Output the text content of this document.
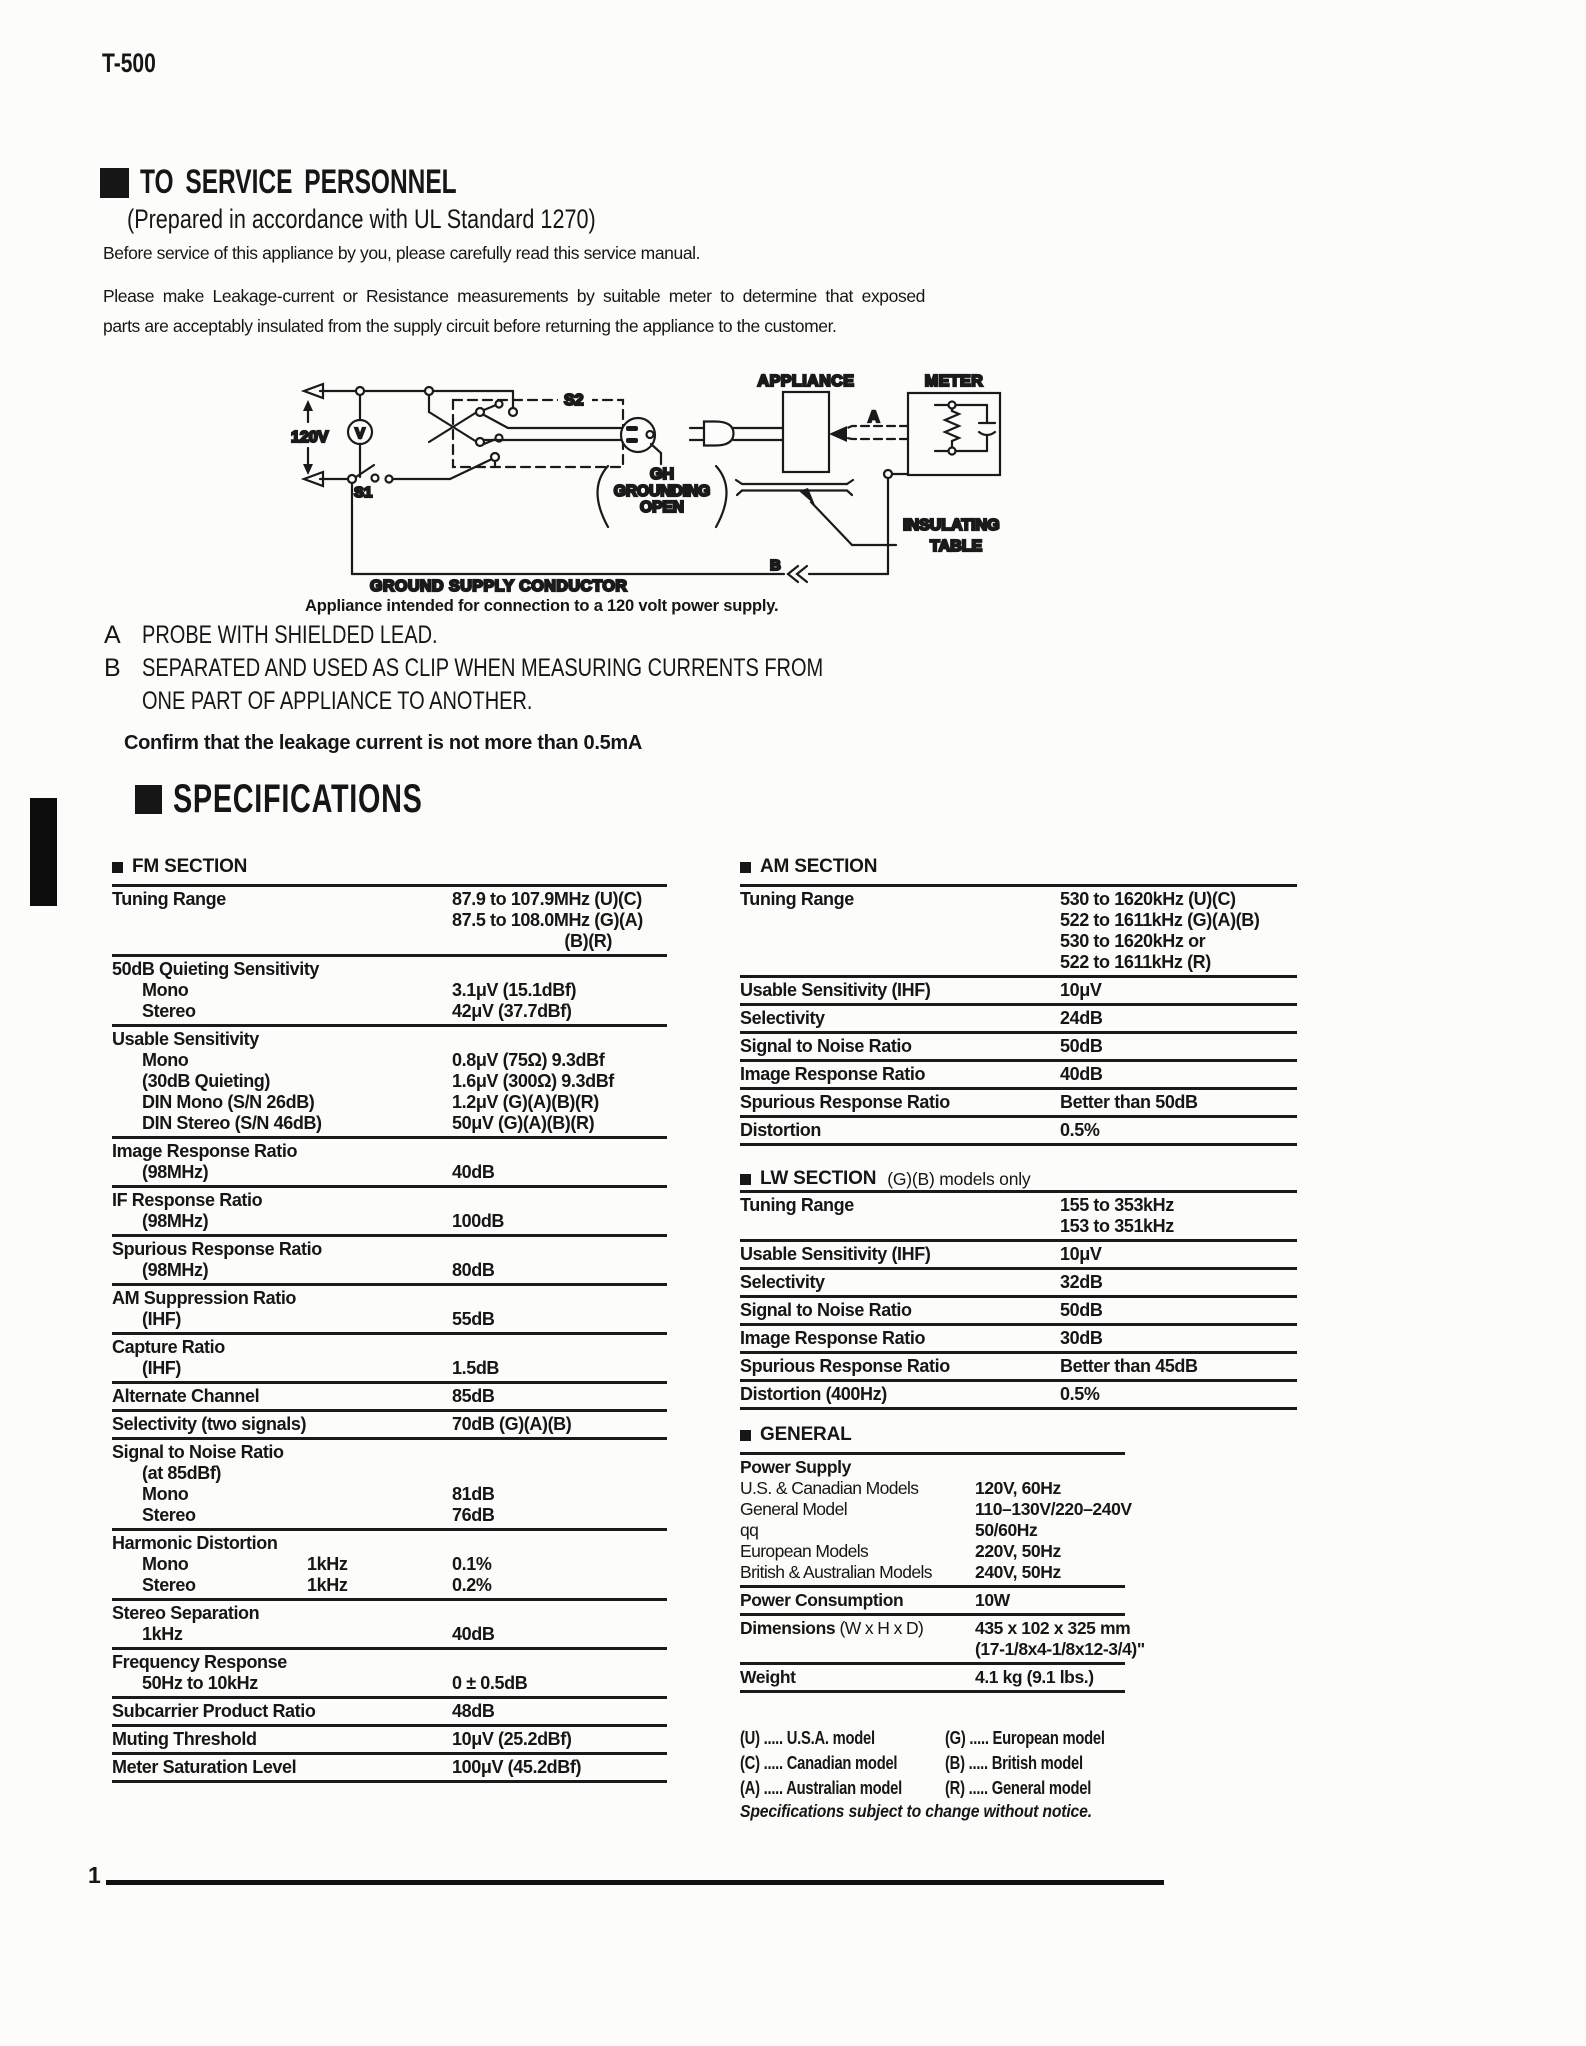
T-500
TO SERVICE PERSONNEL
(Prepared in accordance with UL Standard 1270)
Before service of this appliance by you, please carefully read this service manual.
Please make Leakage-current or Resistance measurements by suitable meter to determine that exposed
parts are acceptably insulated from the supply circuit before returning the appliance to the customer.
120V V
S1
GROUND SUPPLY CONDUCTOR
B
S2
GH
GROUNDING
OPEN
APPLIANCE	METER
A
INSULATING
TABLE
Appliance intended for connection to a 120 volt power supply.
A PROBE WITH SHIELDED LEAD.
B SEPARATED AND USED AS CLIP WHEN MEASURING CURRENTS FROM
ONE PART OF APPLIANCE TO ANOTHER.
Confirm that the leakage current is not more than 0.5mA
SPECIFICATIONS
FM SECTION
Tuning Range	87.9 to 107.9MHz (U)(C)
87.5 to 108.0MHz (G)(A)
(B)(R)
50dB Quieting Sensitivity
Mono	3.1μV (15.1dBf)
Stereo	42μV (37.7dBf)
Usable Sensitivity
Mono	0.8μV (75Ω) 9.3dBf
(30dB Quieting)	1.6μV (300Ω) 9.3dBf
DIN Mono (S/N 26dB)	1.2μV (G)(A)(B)(R)
DIN Stereo (S/N 46dB)	50μV (G)(A)(B)(R)
Image Response Ratio
(98MHz)	40dB
IF Response Ratio
(98MHz)	100dB
Spurious Response Ratio
(98MHz)	80dB
AM Suppression Ratio
(IHF)	55dB
Capture Ratio
(IHF)	1.5dB
Alternate Channel	85dB
Selectivity (two signals)	70dB (G)(A)(B)
Signal to Noise Ratio
(at 85dBf)
Mono	81dB
Stereo	76dB
Harmonic Distortion
Mono	1kHz	0.1%
Stereo	1kHz	0.2%
Stereo Separation
1kHz	40dB
Frequency Response
50Hz to 10kHz	0 ± 0.5dB
Subcarrier Product Ratio	48dB
Muting Threshold	10μV (25.2dBf)
Meter Saturation Level	100μV (45.2dBf)
AM SECTION
Tuning Range	530 to 1620kHz (U)(C)
522 to 1611kHz (G)(A)(B)
530 to 1620kHz or
522 to 1611kHz (R)
Usable Sensitivity (IHF)	10μV
Selectivity	24dB
Signal to Noise Ratio	50dB
Image Response Ratio	40dB
Spurious Response Ratio	Better than 50dB
Distortion	0.5%
LW SECTION (G)(B) models only
Tuning Range	155 to 353kHz
153 to 351kHz
Usable Sensitivity (IHF)	10μV
Selectivity	32dB
Signal to Noise Ratio	50dB
Image Response Ratio	30dB
Spurious Response Ratio	Better than 45dB
Distortion (400Hz)	0.5%
GENERAL
Power Supply
U.S. & Canadian Models	120V, 60Hz
General Model	110–130V/220–240V
qq	50/60Hz
European Models	220V, 50Hz
British & Australian Models 240V, 50Hz
Power Consumption	10W
Dimensions (W x H x D)	435 x 102 x 325 mm
(17-1/8x4-1/8x12-3/4)"
Weight	4.1 kg (9.1 lbs.)
(U) ..... U.S.A. model	(G) ..... European model
(C) ..... Canadian model	(B) ..... British model
(A) ..... Australian model (R) ..... General model
Specifications subject to change without notice.
1
